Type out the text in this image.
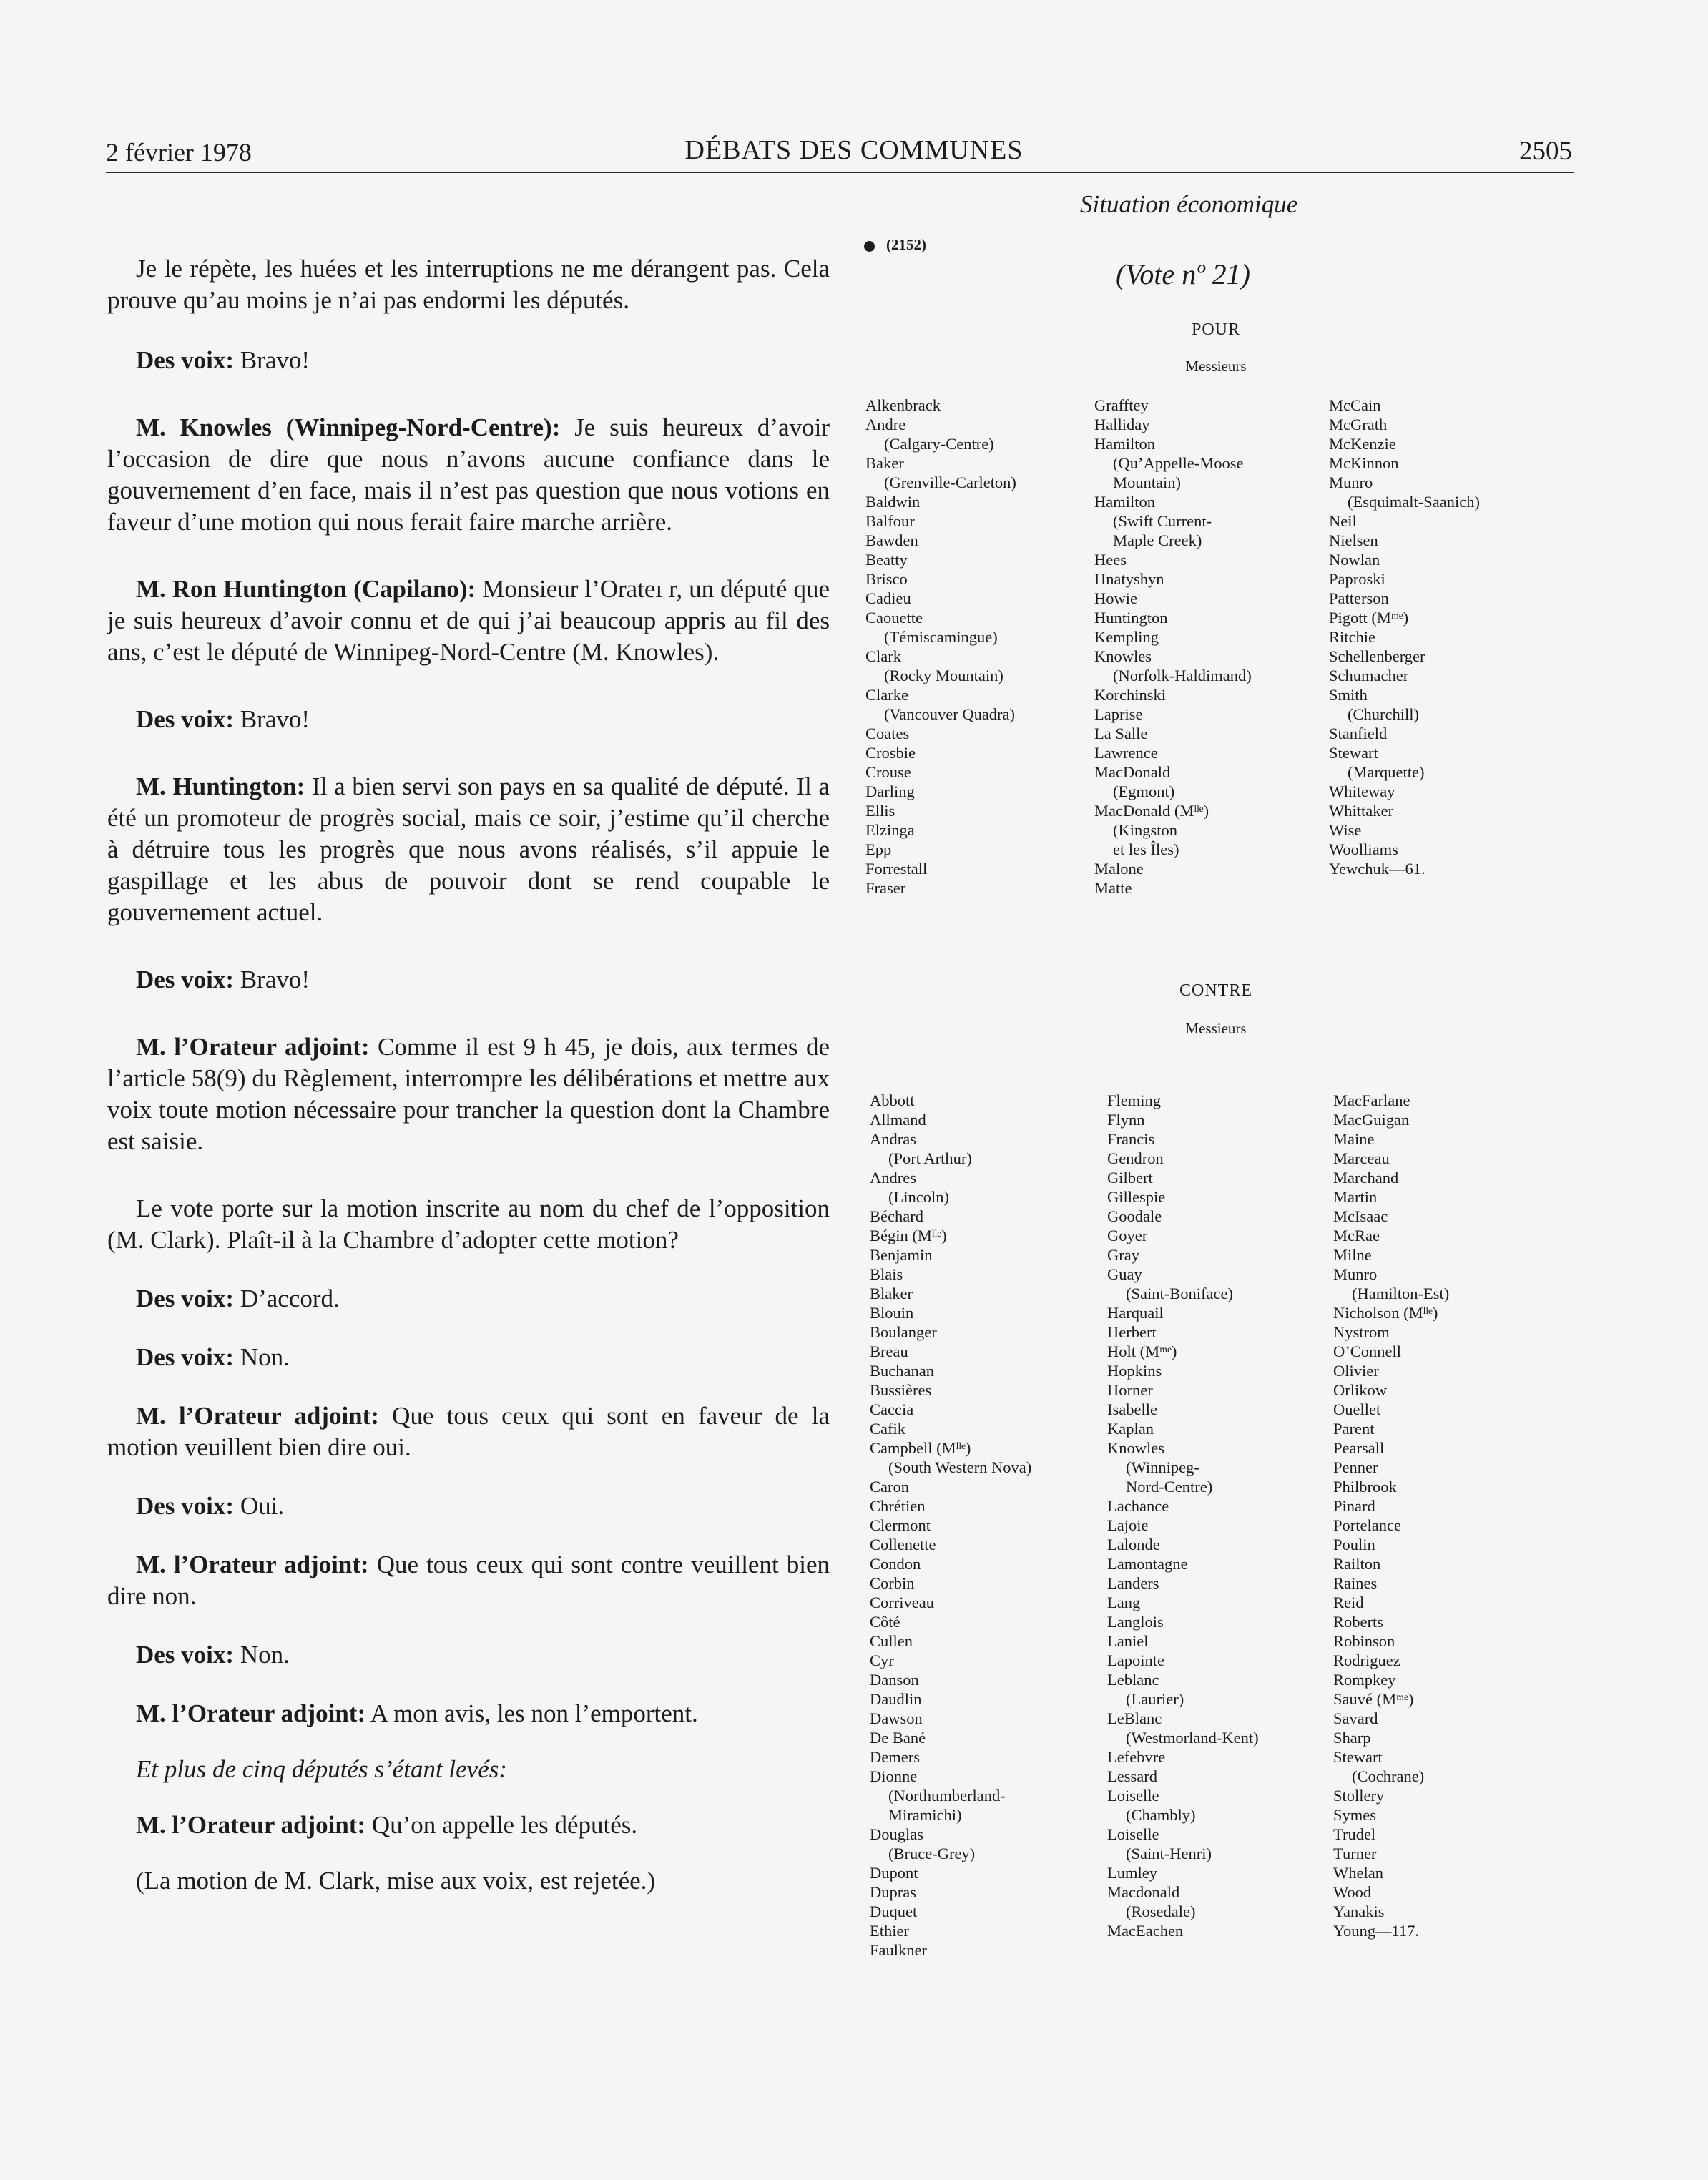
2 février 1978	DÉBATS DES COMMUNES	2505

Je le répète, les huées et les interruptions ne me dérangent pas. Cela prouve qu’au moins je n’ai pas endormi les députés.

Des voix: Bravo!

M. Knowles (Winnipeg-Nord-Centre): Je suis heureux d’avoir l’occasion de dire que nous n’avons aucune confiance dans le gouvernement d’en face, mais il n’est pas question que nous votions en faveur d’une motion qui nous ferait faire marche arrière.

M. Ron Huntington (Capilano): Monsieur l’Orateı r, un député que je suis heureux d’avoir connu et de qui j’ai beaucoup appris au fil des ans, c’est le député de Winnipeg-Nord-Centre (M. Knowles).

Des voix: Bravo!

M. Huntington: Il a bien servi son pays en sa qualité de député. Il a été un promoteur de progrès social, mais ce soir, j’estime qu’il cherche à détruire tous les progrès que nous avons réalisés, s’il appuie le gaspillage et les abus de pouvoir dont se rend coupable le gouvernement actuel.

Des voix: Bravo!

M. l’Orateur adjoint: Comme il est 9 h 45, je dois, aux termes de l’article 58(9) du Règlement, interrompre les délibérations et mettre aux voix toute motion nécessaire pour trancher la question dont la Chambre est saisie.

Le vote porte sur la motion inscrite au nom du chef de l’opposition (M. Clark). Plaît-il à la Chambre d’adopter cette motion?

Des voix: D’accord.

Des voix: Non.

M. l’Orateur adjoint: Que tous ceux qui sont en faveur de la motion veuillent bien dire oui.

Des voix: Oui.

M. l’Orateur adjoint: Que tous ceux qui sont contre veuillent bien dire non.

Des voix: Non.

M. l’Orateur adjoint: A mon avis, les non l’emportent.

Et plus de cinq députés s’étant levés:

M. l’Orateur adjoint: Qu’on appelle les députés.

(La motion de M. Clark, mise aux voix, est rejetée.)

Situation économique
(2152)
(Vote nº 21)
POUR
Messieurs
Alkenbrack
Andre
(Calgary-Centre)
Baker
(Grenville-Carleton)
Baldwin
Balfour
Bawden
Beatty
Brisco
Cadieu
Caouette
(Témiscamingue)
Clark
(Rocky Mountain)
Clarke
(Vancouver Quadra)
Coates
Crosbie
Crouse
Darling
Ellis
Elzinga
Epp
Forrestall
Fraser
Grafftey
Halliday
Hamilton
(Qu’Appelle-Moose
Mountain)
Hamilton
(Swift Current-
Maple Creek)
Hees
Hnatyshyn
Howie
Huntington
Kempling
Knowles
(Norfolk-Haldimand)
Korchinski
Laprise
La Salle
Lawrence
MacDonald
(Egmont)
MacDonald (Mˡˡᵉ)
(Kingston
et les Îles)
Malone
Matte
McCain
McGrath
McKenzie
McKinnon
Munro
(Esquimalt-Saanich)
Neil
Nielsen
Nowlan
Paproski
Patterson
Pigott (Mᵐᵉ)
Ritchie
Schellenberger
Schumacher
Smith
(Churchill)
Stanfield
Stewart
(Marquette)
Whiteway
Whittaker
Wise
Woolliams
Yewchuk—61.
CONTRE
Messieurs
Abbott
Allmand
Andras
(Port Arthur)
Andres
(Lincoln)
Béchard
Bégin (Mˡˡᵉ)
Benjamin
Blais
Blaker
Blouin
Boulanger
Breau
Buchanan
Bussières
Caccia
Cafik
Campbell (Mˡˡᵉ)
(South Western Nova)
Caron
Chrétien
Clermont
Collenette
Condon
Corbin
Corriveau
Côté
Cullen
Cyr
Danson
Daudlin
Dawson
De Bané
Demers
Dionne
(Northumberland-
Miramichi)
Douglas
(Bruce-Grey)
Dupont
Dupras
Duquet
Ethier
Faulkner
Fleming
Flynn
Francis
Gendron
Gilbert
Gillespie
Goodale
Goyer
Gray
Guay
(Saint-Boniface)
Harquail
Herbert
Holt (Mᵐᵉ)
Hopkins
Horner
Isabelle
Kaplan
Knowles
(Winnipeg-
Nord-Centre)
Lachance
Lajoie
Lalonde
Lamontagne
Landers
Lang
Langlois
Laniel
Lapointe
Leblanc
(Laurier)
LeBlanc
(Westmorland-Kent)
Lefebvre
Lessard
Loiselle
(Chambly)
Loiselle
(Saint-Henri)
Lumley
Macdonald
(Rosedale)
MacEachen
MacFarlane
MacGuigan
Maine
Marceau
Marchand
Martin
McIsaac
McRae
Milne
Munro
(Hamilton-Est)
Nicholson (Mˡˡᵉ)
Nystrom
O’Connell
Olivier
Orlikow
Ouellet
Parent
Pearsall
Penner
Philbrook
Pinard
Portelance
Poulin
Railton
Raines
Reid
Roberts
Robinson
Rodriguez
Rompkey
Sauvé (Mᵐᵉ)
Savard
Sharp
Stewart
(Cochrane)
Stollery
Symes
Trudel
Turner
Whelan
Wood
Yanakis
Young—117.
